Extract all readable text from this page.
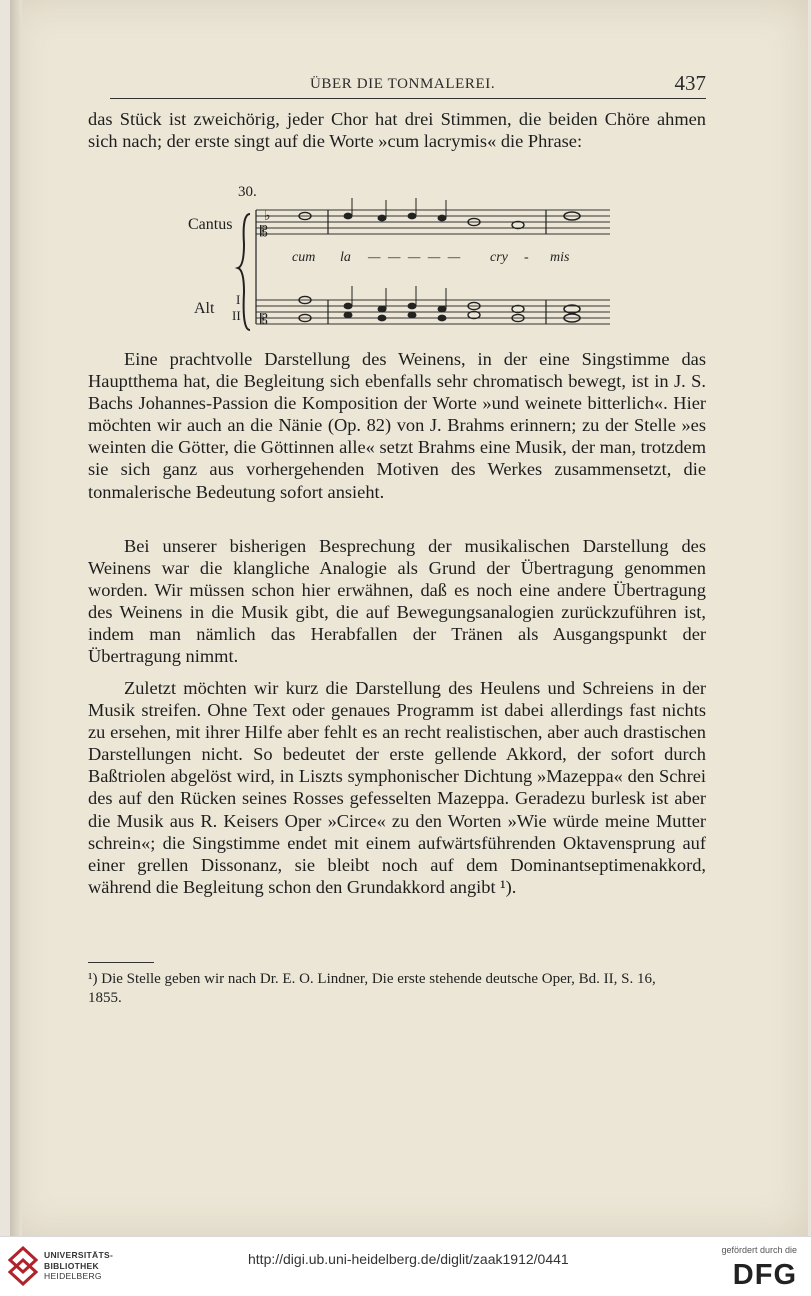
ÜBER DIE TONMALEREI.	437

das Stück ist zweichörig, jeder Chor hat drei Stimmen, die beiden Chöre ahmen sich nach; der erste singt auf die Worte »cum lacrymis« die Phrase:

30.
Cantus
Alt
I
II
♭
𝄡
𝄡
cum la — — — — — cry - mis

Eine prachtvolle Darstellung des Weinens, in der eine Singstimme das Hauptthema hat, die Begleitung sich ebenfalls sehr chromatisch bewegt, ist in J. S. Bachs Johannes-Passion die Komposition der Worte »und weinete bitterlich«. Hier möchten wir auch an die Nänie (Op. 82) von J. Brahms erinnern; zu der Stelle »es weinten die Götter, die Göttinnen alle« setzt Brahms eine Musik, der man, trotzdem sie sich ganz aus vorhergehenden Motiven des Werkes zusammensetzt, die tonmalerische Bedeutung sofort ansieht.

Bei unserer bisherigen Besprechung der musikalischen Darstellung des Weinens war die klangliche Analogie als Grund der Übertragung genommen worden. Wir müssen schon hier erwähnen, daß es noch eine andere Übertragung des Weinens in die Musik gibt, die auf Bewegungsanalogien zurückzuführen ist, indem man nämlich das Herabfallen der Tränen als Ausgangspunkt der Übertragung nimmt.

Zuletzt möchten wir kurz die Darstellung des Heulens und Schreiens in der Musik streifen. Ohne Text oder genaues Programm ist dabei allerdings fast nichts zu ersehen, mit ihrer Hilfe aber fehlt es an recht realistischen, aber auch drastischen Darstellungen nicht. So bedeutet der erste gellende Akkord, der sofort durch Baßtriolen abgelöst wird, in Liszts symphonischer Dichtung »Mazeppa« den Schrei des auf den Rücken seines Rosses gefesselten Mazeppa. Geradezu burlesk ist aber die Musik aus R. Keisers Oper »Circe« zu den Worten »Wie würde meine Mutter schrein«; die Singstimme endet mit einem aufwärtsführenden Oktavensprung auf einer grellen Dissonanz, sie bleibt noch auf dem Dominantseptimenakkord, während die Begleitung schon den Grundakkord angibt ¹).

¹) Die Stelle geben wir nach Dr. E. O. Lindner, Die erste stehende deutsche Oper, Bd. II, S. 16, 1855.
UNIVERSITÄTS-
BIBLIOTHEK
HEIDELBERG
http://digi.ub.uni-heidelberg.de/diglit/zaak1912/0441
gefördert durch die
DFG
